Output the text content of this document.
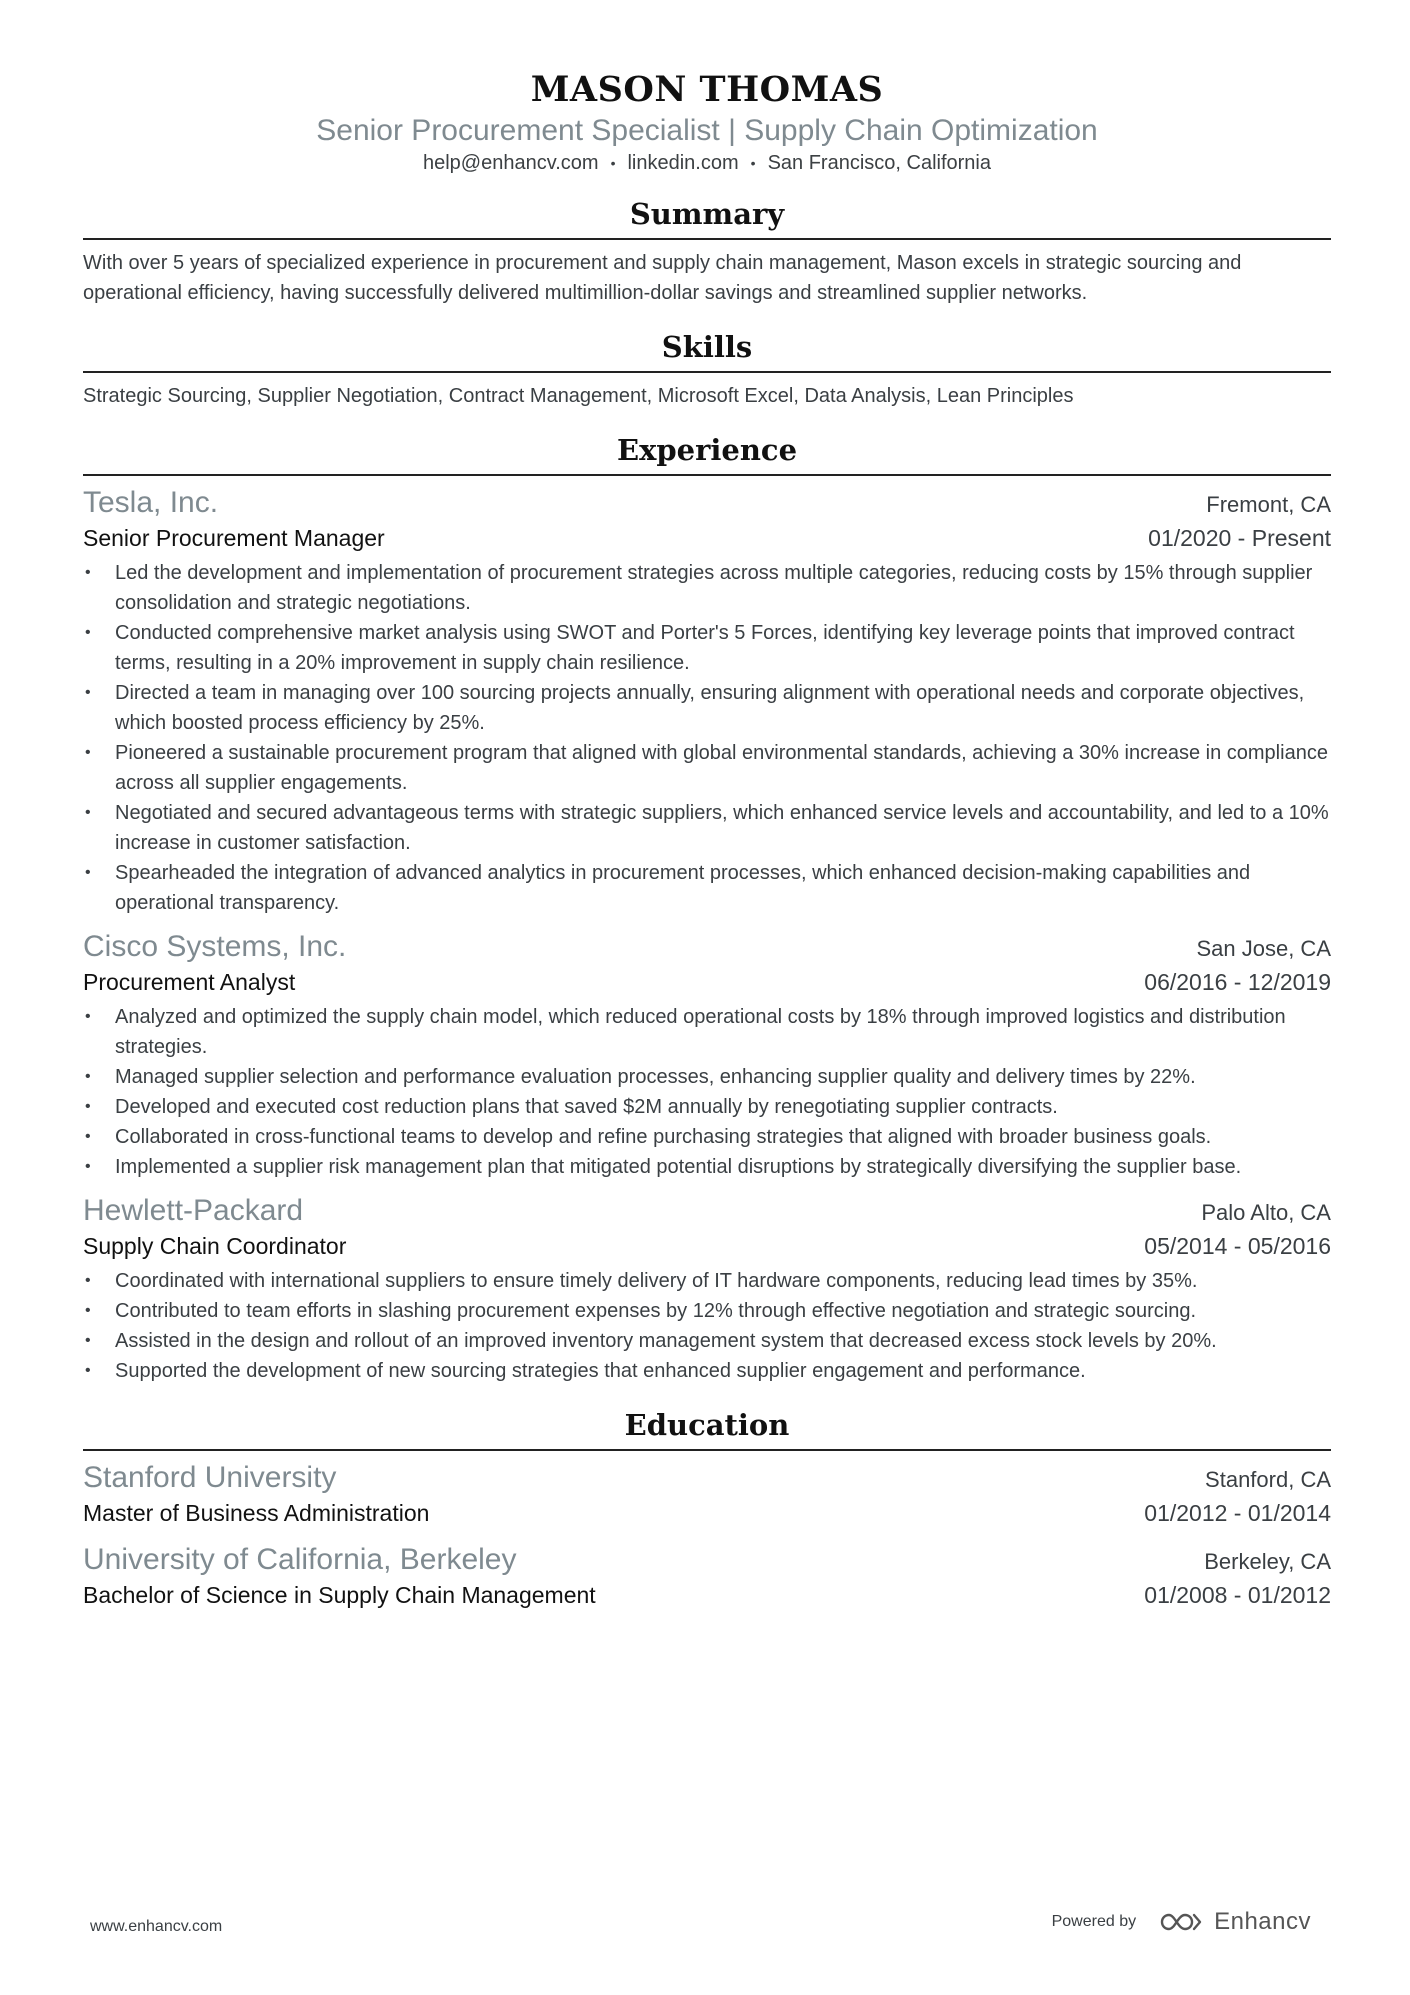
MASON THOMAS
Senior Procurement Specialist | Supply Chain Optimization
help@enhancv.com • linkedin.com • San Francisco, California
Summary

With over 5 years of specialized experience in procurement and supply chain management, Mason excels in strategic sourcing and operational efficiency, having successfully delivered multimillion-dollar savings and streamlined supplier networks.

Skills

Strategic Sourcing, Supplier Negotiation, Contract Management, Microsoft Excel, Data Analysis, Lean Principles

Experience
Tesla, Inc.	Fremont, CA
Senior Procurement Manager	01/2020 - Present
• Led the development and implementation of procurement strategies across multiple categories, reducing costs by 15% through supplier consolidation and strategic negotiations.
• Conducted comprehensive market analysis using SWOT and Porter's 5 Forces, identifying key leverage points that improved contract terms, resulting in a 20% improvement in supply chain resilience.
• Directed a team in managing over 100 sourcing projects annually, ensuring alignment with operational needs and corporate objectives, which boosted process efficiency by 25%.
• Pioneered a sustainable procurement program that aligned with global environmental standards, achieving a 30% increase in compliance across all supplier engagements.
• Negotiated and secured advantageous terms with strategic suppliers, which enhanced service levels and accountability, and led to a 10% increase in customer satisfaction.
• Spearheaded the integration of advanced analytics in procurement processes, which enhanced decision-making capabilities and operational transparency.
Cisco Systems, Inc.	San Jose, CA
Procurement Analyst	06/2016 - 12/2019
• Analyzed and optimized the supply chain model, which reduced operational costs by 18% through improved logistics and distribution strategies.
• Managed supplier selection and performance evaluation processes, enhancing supplier quality and delivery times by 22%.
• Developed and executed cost reduction plans that saved $2M annually by renegotiating supplier contracts.
• Collaborated in cross-functional teams to develop and refine purchasing strategies that aligned with broader business goals.
• Implemented a supplier risk management plan that mitigated potential disruptions by strategically diversifying the supplier base.
Hewlett-Packard	Palo Alto, CA
Supply Chain Coordinator	05/2014 - 05/2016
• Coordinated with international suppliers to ensure timely delivery of IT hardware components, reducing lead times by 35%.
• Contributed to team efforts in slashing procurement expenses by 12% through effective negotiation and strategic sourcing.
• Assisted in the design and rollout of an improved inventory management system that decreased excess stock levels by 20%.
• Supported the development of new sourcing strategies that enhanced supplier engagement and performance.
Education
Stanford University	Stanford, CA
Master of Business Administration	01/2012 - 01/2014
University of California, Berkeley	Berkeley, CA
Bachelor of Science in Supply Chain Management	01/2008 - 01/2012
www.enhancv.com	Powered by	Enhancv
